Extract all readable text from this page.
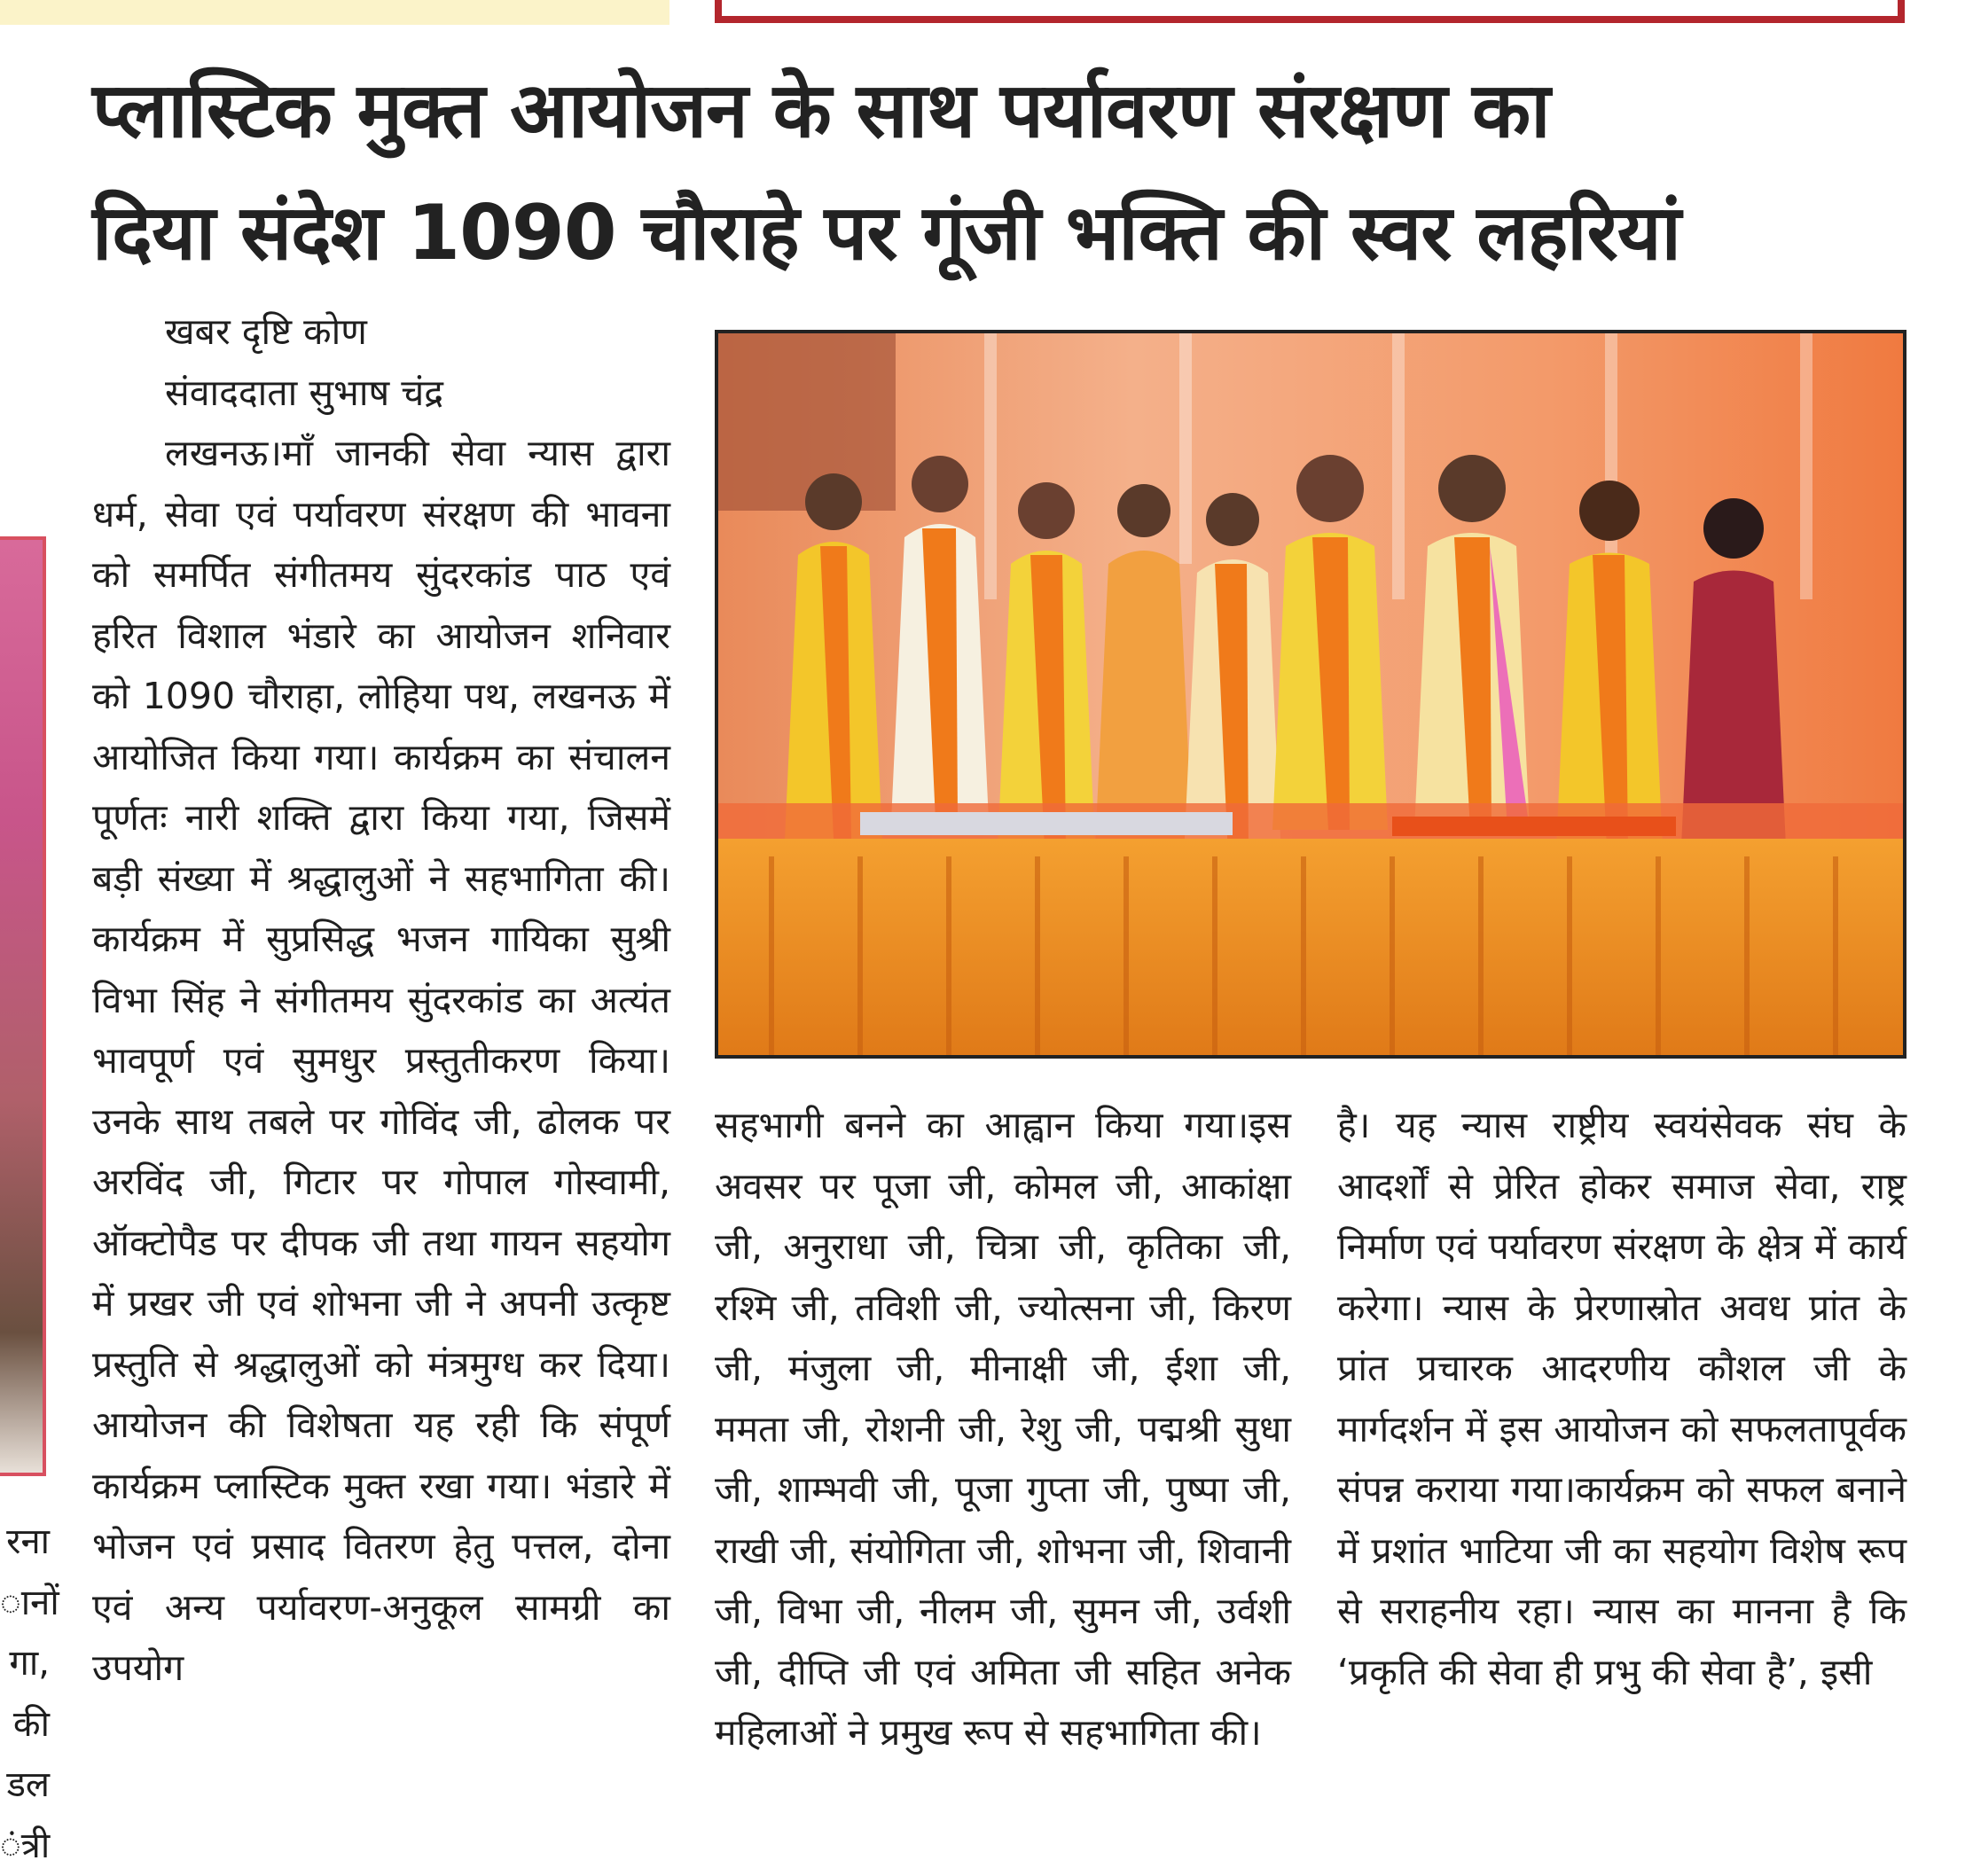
प्लास्टिक मुक्त आयोजन के साथ पर्यावरण संरक्षण का
दिया संदेश 1090 चौराहे पर गूंजी भक्ति की स्वर लहरियां
रना
ानों
गा,
की
डल
ंत्री
खबर दृष्टि कोण
संवाददाता सुभाष चंद्र

लखनऊ।माँ जानकी सेवा न्यास द्वारा धर्म, सेवा एवं पर्यावरण संरक्षण की भावना को समर्पित संगीतमय सुंदरकांड पाठ एवं हरित विशाल भंडारे का आयोजन शनिवार को 1090 चौराहा, लोहिया पथ, लखनऊ में आयोजित किया गया। कार्यक्रम का संचालन पूर्णतः नारी शक्ति द्वारा किया गया, जिसमें बड़ी संख्या में श्रद्धालुओं ने सहभागिता की।कार्यक्रम में सुप्रसिद्ध भजन गायिका सुश्री विभा सिंह ने संगीतमय सुंदरकांड का अत्यंत भावपूर्ण एवं सुमधुर प्रस्तुतीकरण किया। उनके साथ तबले पर गोविंद जी, ढोलक पर अरविंद जी, गिटार पर गोपाल गोस्वामी, ऑक्टोपैड पर दीपक जी तथा गायन सहयोग में प्रखर जी एवं शोभना जी ने अपनी उत्कृष्ट प्रस्तुति से श्रद्धालुओं को मंत्रमुग्ध कर दिया।आयोजन की विशेषता यह रही कि संपूर्ण कार्यक्रम प्लास्टिक मुक्त रखा गया। भंडारे में भोजन एवं प्रसाद वितरण हेतु पत्तल, दोना एवं अन्य पर्यावरण-अनुकूल सामग्री का उपयोग

सहभागी बनने का आह्वान किया गया।इस अवसर पर पूजा जी, कोमल जी, आकांक्षा जी, अनुराधा जी, चित्रा जी, कृतिका जी, रश्मि जी, तविशी जी, ज्योत्सना जी, किरण जी, मंजुला जी, मीनाक्षी जी, ईशा जी, ममता जी, रोशनी जी, रेशु जी, पद्मश्री सुधा जी, शाम्भवी जी, पूजा गुप्ता जी, पुष्पा जी, राखी जी, संयोगिता जी, शोभना जी, शिवानी जी, विभा जी, नीलम जी, सुमन जी, उर्वशी जी, दीप्ति जी एवं अमिता जी सहित अनेक महिलाओं ने प्रमुख रूप से सहभागिता की।

है। यह न्यास राष्ट्रीय स्वयंसेवक संघ के आदर्शों से प्रेरित होकर समाज सेवा, राष्ट्र निर्माण एवं पर्यावरण संरक्षण के क्षेत्र में कार्य करेगा। न्यास के प्रेरणास्रोत अवध प्रांत के प्रांत प्रचारक आदरणीय कौशल जी के मार्गदर्शन में इस आयोजन को सफलतापूर्वक संपन्न कराया गया।कार्यक्रम को सफल बनाने में प्रशांत भाटिया जी का सहयोग विशेष रूप से सराहनीय रहा। न्यास का मानना है कि ‘प्रकृति की सेवा ही प्रभु की सेवा है’, इसी
